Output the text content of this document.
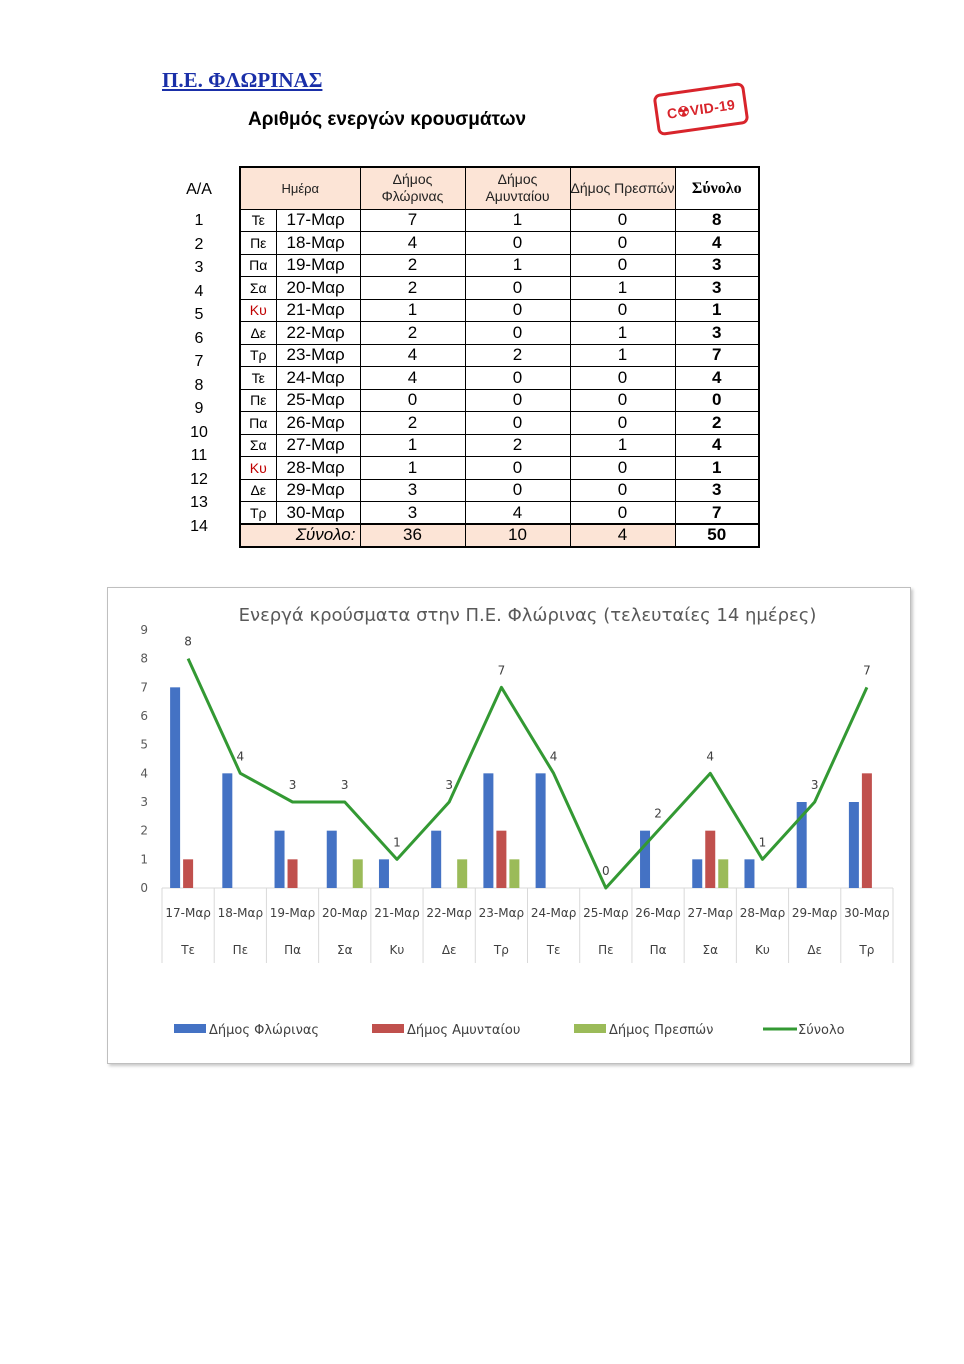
Π.Ε. ΦΛΩΡΙΝΑΣ
Αριθμός ενεργών κρουσμάτων	C☢VID-19
Α/Α
1
2
3
4
5
6
7
8
9
10
11
12
13
14
Ημέρα		Δήμος Φλώρινας	Δήμος Αμυνταίου	Δήμος Πρεσπών	Σύνολο
Τε	17-Μαρ	7	1	0	8
Πε	18-Μαρ	4	0	0	4
Πα	19-Μαρ	2	1	0	3
Σα	20-Μαρ	2	0	1	3
Κυ	21-Μαρ	1	0	0	1
Δε	22-Μαρ	2	0	1	3
Τρ	23-Μαρ	4	2	1	7
Τε	24-Μαρ	4	0	0	4
Πε	25-Μαρ	0	0	0	0
Πα	26-Μαρ	2	0	0	2
Σα	27-Μαρ	1	2	1	4
Κυ	28-Μαρ	1	0	0	1
Δε	29-Μαρ	3	0	0	3
Τρ	30-Μαρ	3	4	0	7
Σύνολο:		36	10	4	50
Ενεργά κρούσματα στην Π.Ε. Φλώρινας (τελευταίες 14 ημέρες)
0
1
2
3
4
5
6
7
8
9
17-Μαρ
Τε
18-Μαρ
Πε
19-Μαρ
Πα
20-Μαρ
Σα
21-Μαρ
Κυ
22-Μαρ
Δε
23-Μαρ
Τρ
24-Μαρ
Τε
25-Μαρ
Πε
26-Μαρ
Πα
27-Μαρ
Σα
28-Μαρ
Κυ
29-Μαρ
Δε
30-Μαρ
Τρ
8
4
3	3
1
3
7
4
0
2
4
1
3
7
Δήμος Φλώρινας	Δήμος Αμυνταίου	Δήμος Πρεσπών	Σύνολο
